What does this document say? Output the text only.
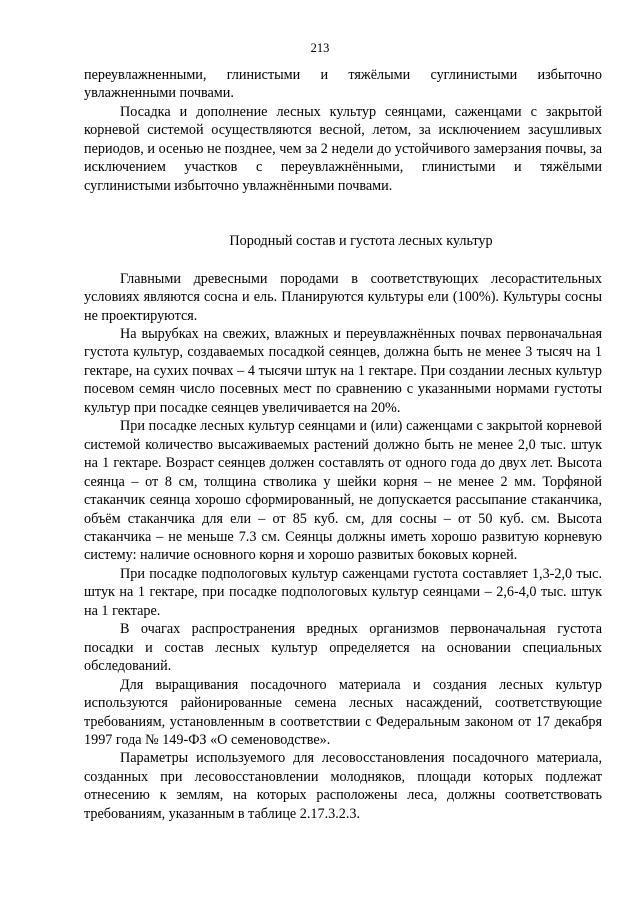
213

переувлажненными, глинистыми и тяжёлыми суглинистыми избыточно увлажненными почвами.

Посадка и дополнение лесных культур сеянцами, саженцами с закрытой корневой системой осуществляются весной, летом, за исключением засушливых периодов, и осенью не позднее, чем за 2 недели до устойчивого замерзания почвы, за исключением участков с переувлажнёнными, глинистыми и тяжёлыми суглинистыми избыточно увлажнёнными почвами.

Породный состав и густота лесных культур

Главными древесными породами в соответствующих лесорастительных условиях являются сосна и ель. Планируются культуры ели (100%). Культуры сосны не проектируются.

На вырубках на свежих, влажных и переувлажнённых почвах первоначальная густота культур, создаваемых посадкой сеянцев, должна быть не менее 3 тысяч на 1 гектаре, на сухих почвах – 4 тысячи штук на 1 гектаре. При создании лесных культур посевом семян число посевных мест по сравнению с указанными нормами густоты культур при посадке сеянцев увеличивается на 20%.

При посадке лесных культур сеянцами и (или) саженцами с закрытой корневой системой количество высаживаемых растений должно быть не менее 2,0 тыс. штук на 1 гектаре. Возраст сеянцев должен составлять от одного года до двух лет. Высота сеянца – от 8 см, толщина стволика у шейки корня – не менее 2 мм. Торфяной стаканчик сеянца хорошо сформированный, не допускается рассыпание стаканчика, объём стаканчика для ели – от 85 куб. см, для сосны – от 50 куб. см. Высота стаканчика – не меньше 7.3 см. Сеянцы должны иметь хорошо развитую корневую систему: наличие основного корня и хорошо развитых боковых корней.

При посадке подпологовых культур саженцами густота составляет 1,3-2,0 тыс. штук на 1 гектаре, при посадке подпологовых культур сеянцами – 2,6-4,0 тыс. штук на 1 гектаре.

В очагах распространения вредных организмов первоначальная густота посадки и состав лесных культур определяется на основании специальных обследований.

Для выращивания посадочного материала и создания лесных культур используются районированные семена лесных насаждений, соответствующие требованиям, установленным в соответствии с Федеральным законом от 17 декабря 1997 года № 149-ФЗ «О семеноводстве».

Параметры используемого для лесовосстановления посадочного материала, созданных при лесовосстановлении молодняков, площади которых подлежат отнесению к землям, на которых расположены леса, должны соответствовать требованиям, указанным в таблице 2.17.3.2.3.
